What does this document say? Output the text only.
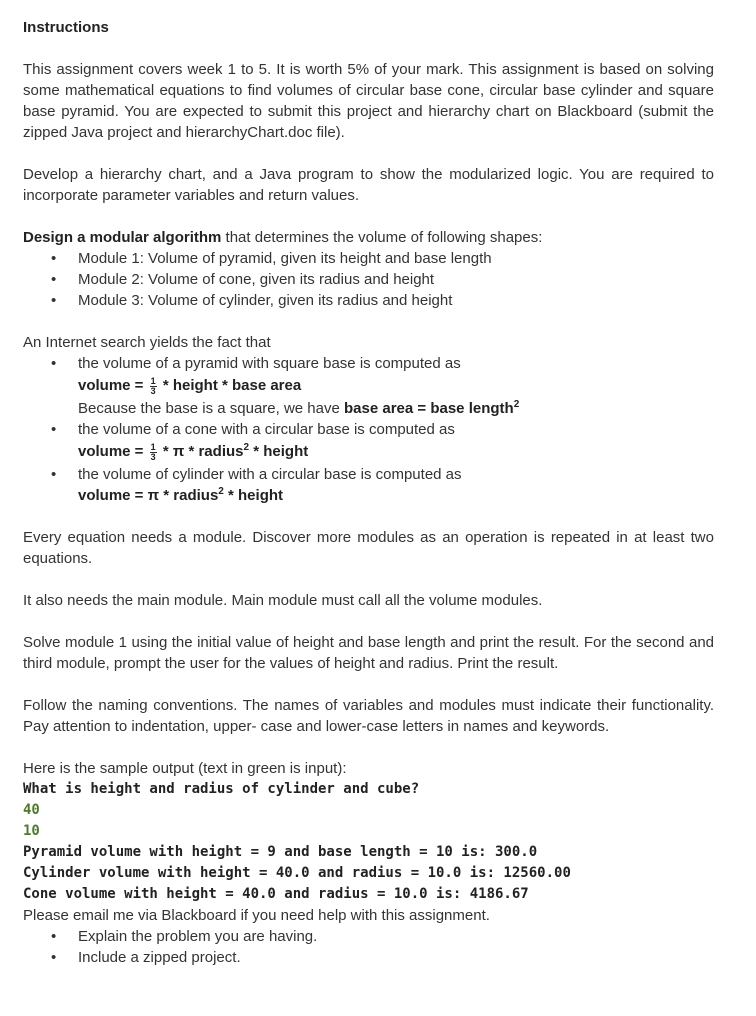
Instructions

This assignment covers week 1 to 5. It is worth 5% of your mark. This assignment is based on solving some mathematical equations to find volumes of circular base cone, circular base cylinder and square base pyramid. You are expected to submit this project and hierarchy chart on Blackboard (submit the zipped Java project and hierarchyChart.doc file).

Develop a hierarchy chart, and a Java program to show the modularized logic. You are required to incorporate parameter variables and return values.

Design a modular algorithm that determines the volume of following shapes:

• Module 1: Volume of pyramid, given its height and base length
• Module 2: Volume of cone, given its radius and height
• Module 3: Volume of cylinder, given its radius and height

An Internet search yields the fact that

• the volume of a pyramid with square base is computed as
volume = $\frac{1}{3}$ * height * base area
Because the base is a square, we have base area = base length$^2$
• the volume of a cone with a circular base is computed as
volume = $\frac{1}{3}$ * π * radius$^2$ * height
• the volume of cylinder with a circular base is computed as
volume = π * radius$^2$ * height

Every equation needs a module. Discover more modules as an operation is repeated in at least two equations.

It also needs the main module. Main module must call all the volume modules.

Solve module 1 using the initial value of height and base length and print the result. For the second and third module, prompt the user for the values of height and radius. Print the result.

Follow the naming conventions. The names of variables and modules must indicate their functionality. Pay attention to indentation, upper- case and lower-case letters in names and keywords.

Here is the sample output (text in green is input):

What is height and radius of cylinder and cube?
40
10
Pyramid volume with height = 9 and base length = 10 is: 300.0
Cylinder volume with height = 40.0 and radius = 10.0 is: 12560.00
Cone volume with height = 40.0 and radius = 10.0 is: 4186.67

Please email me via Blackboard if you need help with this assignment.

• Explain the problem you are having.
• Include a zipped project.
